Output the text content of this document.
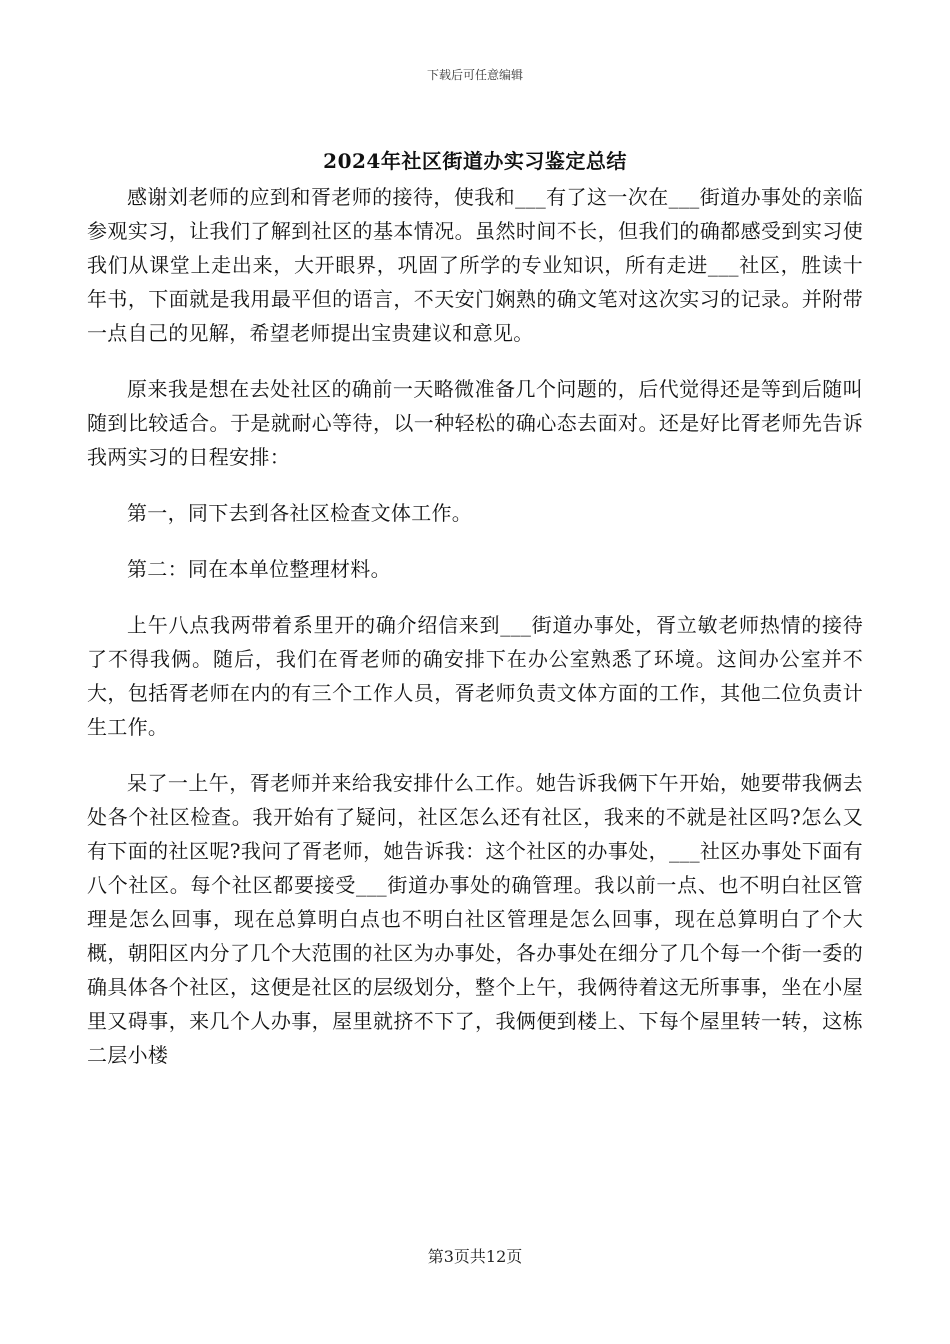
下载后可任意编辑
2024年社区街道办实习鉴定总结

感谢刘老师的应到和胥老师的接待，使我和___有了这一次在___街道办事处的亲临参观实习，让我们了解到社区的基本情况。虽然时间不长，但我们的确都感受到实习使我们从课堂上走出来，大开眼界，巩固了所学的专业知识，所有走进___社区，胜读十年书，下面就是我用最平但的语言，不天安门娴熟的确文笔对这次实习的记录。并附带一点自己的见解，希望老师提出宝贵建议和意见。

原来我是想在去处社区的确前一天略微准备几个问题的，后代觉得还是等到后随叫随到比较适合。于是就耐心等待，以一种轻松的确心态去面对。还是好比胥老师先告诉我两实习的日程安排：

第一，同下去到各社区检查文体工作。

第二：同在本单位整理材料。

上午八点我两带着系里开的确介绍信来到___街道办事处，胥立敏老师热情的接待了不得我俩。随后，我们在胥老师的确安排下在办公室熟悉了环境。这间办公室并不大，包括胥老师在内的有三个工作人员，胥老师负责文体方面的工作，其他二位负责计生工作。

呆了一上午，胥老师并来给我安排什么工作。她告诉我俩下午开始，她要带我俩去处各个社区检查。我开始有了疑问，社区怎么还有社区，我来的不就是社区吗?怎么又有下面的社区呢?我问了胥老师，她告诉我：这个社区的办事处，___社区办事处下面有八个社区。每个社区都要接受___街道办事处的确管理。我以前一点、也不明白社区管理是怎么回事，现在总算明白点也不明白社区管理是怎么回事，现在总算明白了个大概，朝阳区内分了几个大范围的社区为办事处，各办事处在细分了几个每一个街一委的确具体各个社区，这便是社区的层级划分，整个上午，我俩待着这无所事事，坐在小屋里又碍事，来几个人办事，屋里就挤不下了，我俩便到楼上、下每个屋里转一转，这栋二层小楼

第3页共12页
